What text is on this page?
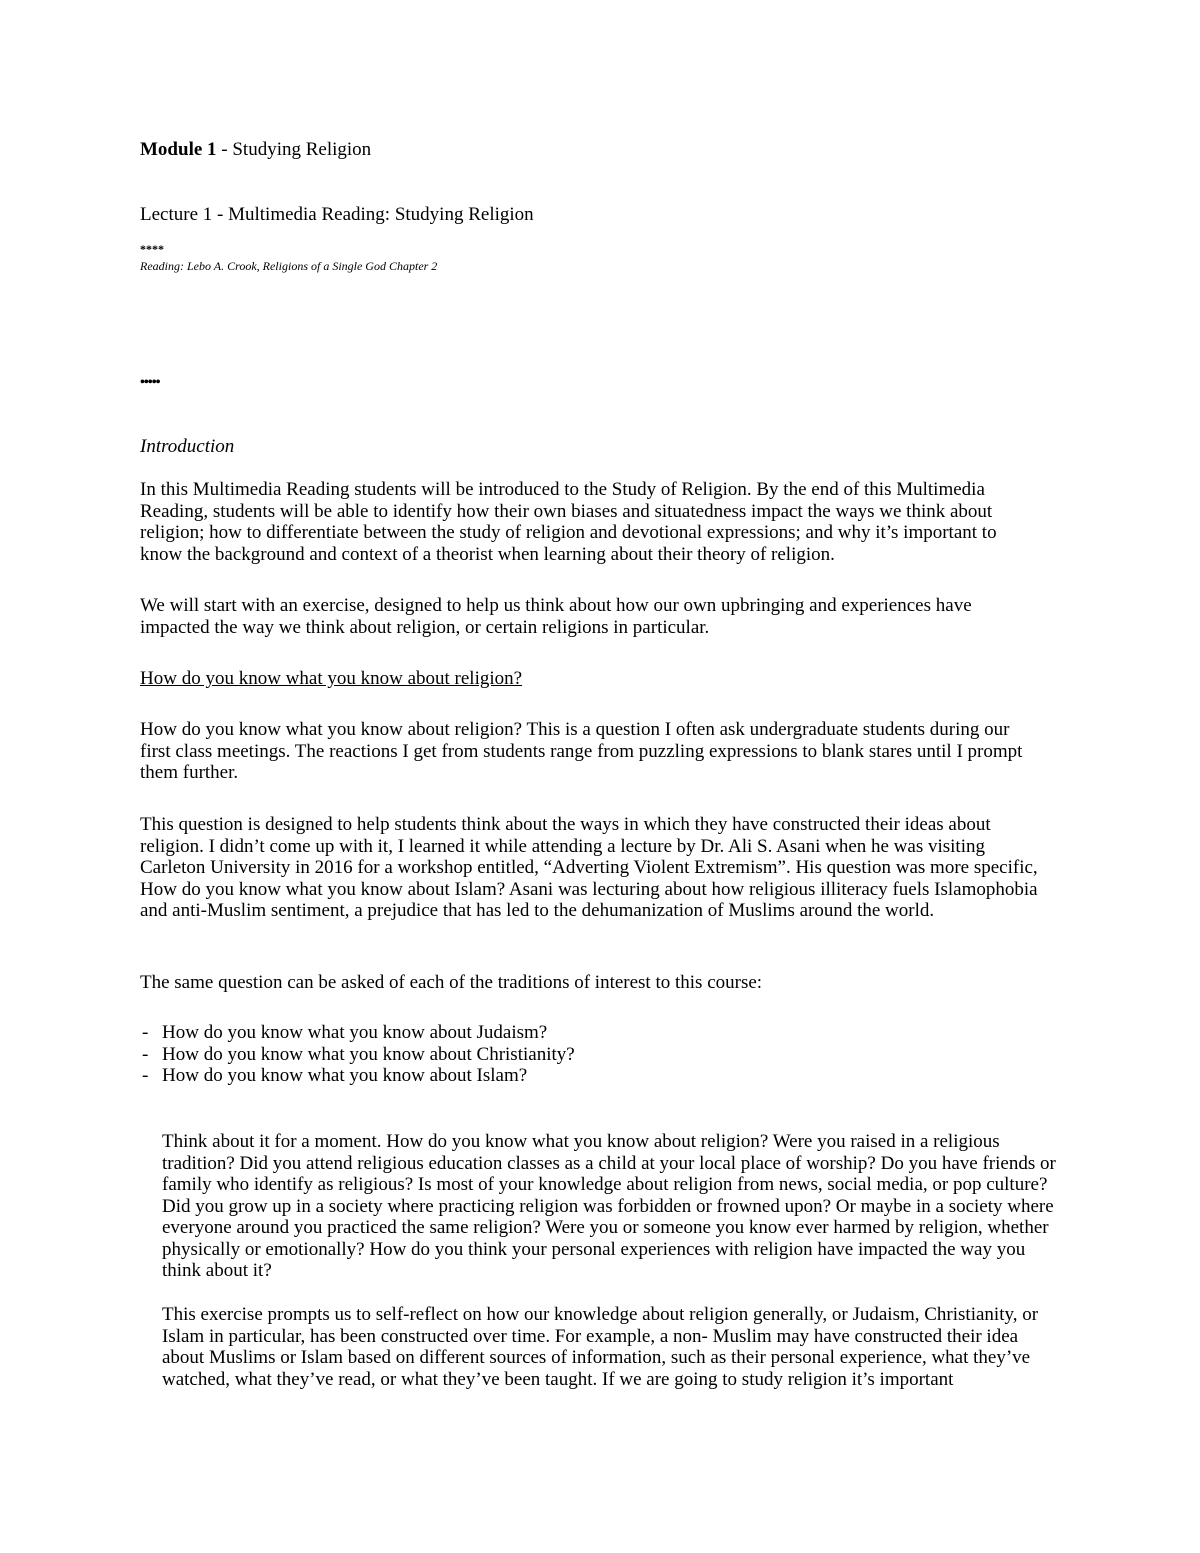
Module 1 - Studying Religion
Lecture 1 - Multimedia Reading: Studying Religion
****
Reading: Lebo A. Crook, Religions of a Single God Chapter 2
•••••
Introduction
In this Multimedia Reading students will be introduced to the Study of Religion. By the end of this Multimedia Reading, students will be able to identify how their own biases and situatedness impact the ways we think about religion; how to differentiate between the study of religion and devotional expressions; and why it’s important to know the background and context of a theorist when learning about their theory of religion.
We will start with an exercise, designed to help us think about how our own upbringing and experiences have impacted the way we think about religion, or certain religions in particular.
How do you know what you know about religion?
How do you know what you know about religion? This is a question I often ask undergraduate students during our first class meetings. The reactions I get from students range from puzzling expressions to blank stares until I prompt them further.
This question is designed to help students think about the ways in which they have constructed their ideas about religion. I didn’t come up with it, I learned it while attending a lecture by Dr. Ali S. Asani when he was visiting Carleton University in 2016 for a workshop entitled, “Adverting Violent Extremism”. His question was more specific, How do you know what you know about Islam? Asani was lecturing about how religious illiteracy fuels Islamophobia and anti-Muslim sentiment, a prejudice that has led to the dehumanization of Muslims around the world.
The same question can be asked of each of the traditions of interest to this course:
- How do you know what you know about Judaism?
- How do you know what you know about Christianity?
- How do you know what you know about Islam?
Think about it for a moment. How do you know what you know about religion? Were you raised in a religious tradition? Did you attend religious education classes as a child at your local place of worship? Do you have friends or family who identify as religious? Is most of your knowledge about religion from news, social media, or pop culture? Did you grow up in a society where practicing religion was forbidden or frowned upon? Or maybe in a society where everyone around you practiced the same religion? Were you or someone you know ever harmed by religion, whether physically or emotionally? How do you think your personal experiences with religion have impacted the way you think about it?
This exercise prompts us to self-reflect on how our knowledge about religion generally, or Judaism, Christianity, or Islam in particular, has been constructed over time. For example, a non- Muslim may have constructed their idea about Muslims or Islam based on different sources of information, such as their personal experience, what they’ve watched, what they’ve read, or what they’ve been taught. If we are going to study religion it’s important
